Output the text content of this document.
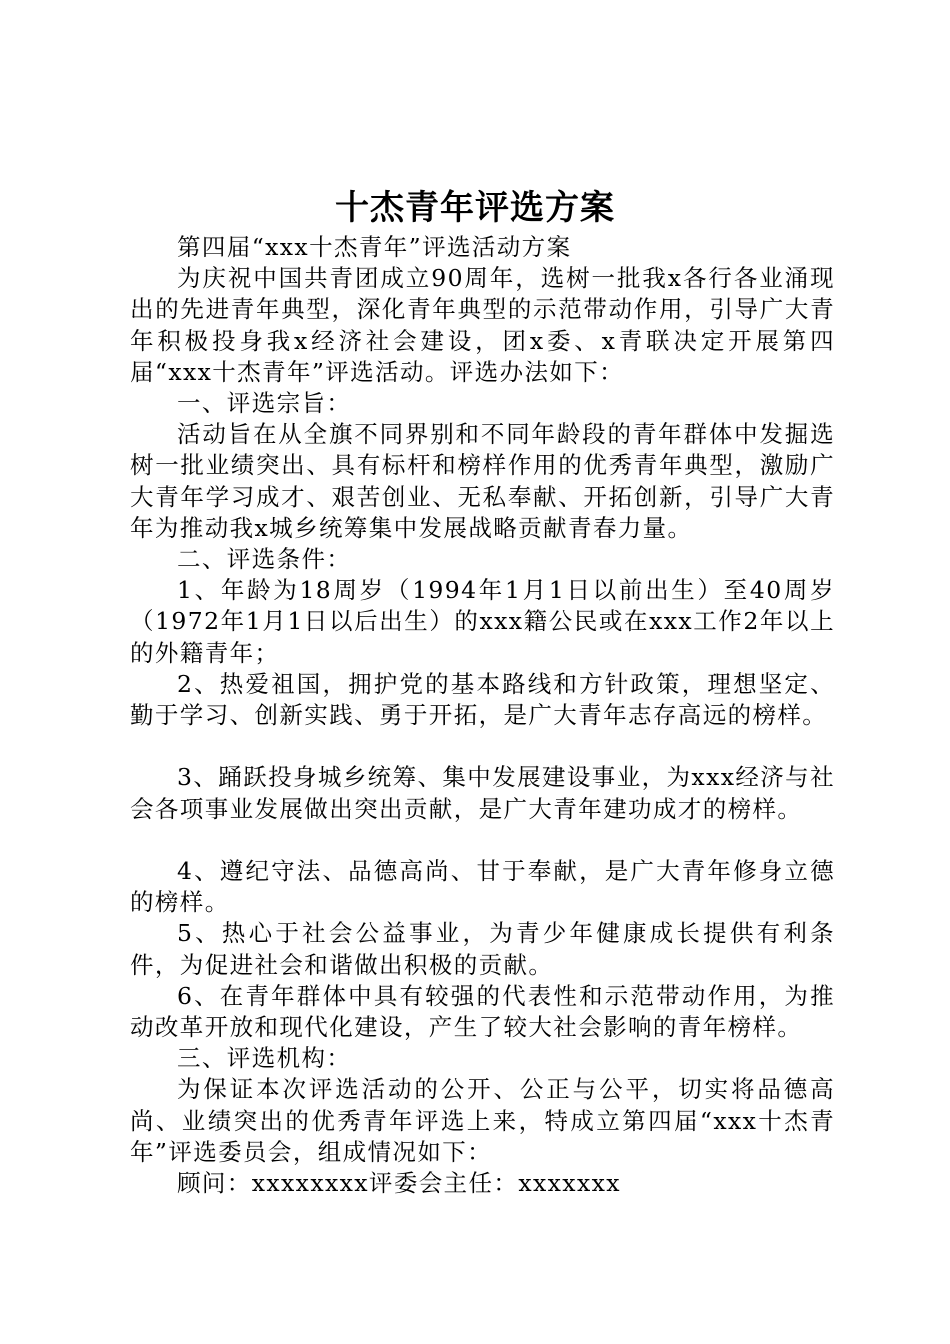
十杰青年评选方案

第四届“xxx十杰青年”评选活动方案

为庆祝中国共青团成立90周年，选树一批我x各行各业涌现出的先进青年典型，深化青年典型的示范带动作用，引导广大青年积极投身我x经济社会建设，团x委、x青联决定开展第四届“xxx十杰青年”评选活动。评选办法如下：

一、评选宗旨：

活动旨在从全旗不同界别和不同年龄段的青年群体中发掘选树一批业绩突出、具有标杆和榜样作用的优秀青年典型，激励广大青年学习成才、艰苦创业、无私奉献、开拓创新，引导广大青年为推动我x城乡统筹集中发展战略贡献青春力量。

二、评选条件：

1、年龄为18周岁（1994年1月1日以前出生）至40周岁（1972年1月1日以后出生）的xxx籍公民或在xxx工作2年以上的外籍青年；

2、热爱祖国，拥护党的基本路线和方针政策，理想坚定、勤于学习、创新实践、勇于开拓，是广大青年志存高远的榜样。

3、踊跃投身城乡统筹、集中发展建设事业，为xxx经济与社会各项事业发展做出突出贡献，是广大青年建功成才的榜样。

4、遵纪守法、品德高尚、甘于奉献，是广大青年修身立德的榜样。

5、热心于社会公益事业，为青少年健康成长提供有利条件，为促进社会和谐做出积极的贡献。

6、在青年群体中具有较强的代表性和示范带动作用，为推动改革开放和现代化建设，产生了较大社会影响的青年榜样。

三、评选机构：

为保证本次评选活动的公开、公正与公平，切实将品德高尚、业绩突出的优秀青年评选上来，特成立第四届“xxx十杰青年”评选委员会，组成情况如下：

顾问：xxxxxxxx评委会主任：xxxxxxx
